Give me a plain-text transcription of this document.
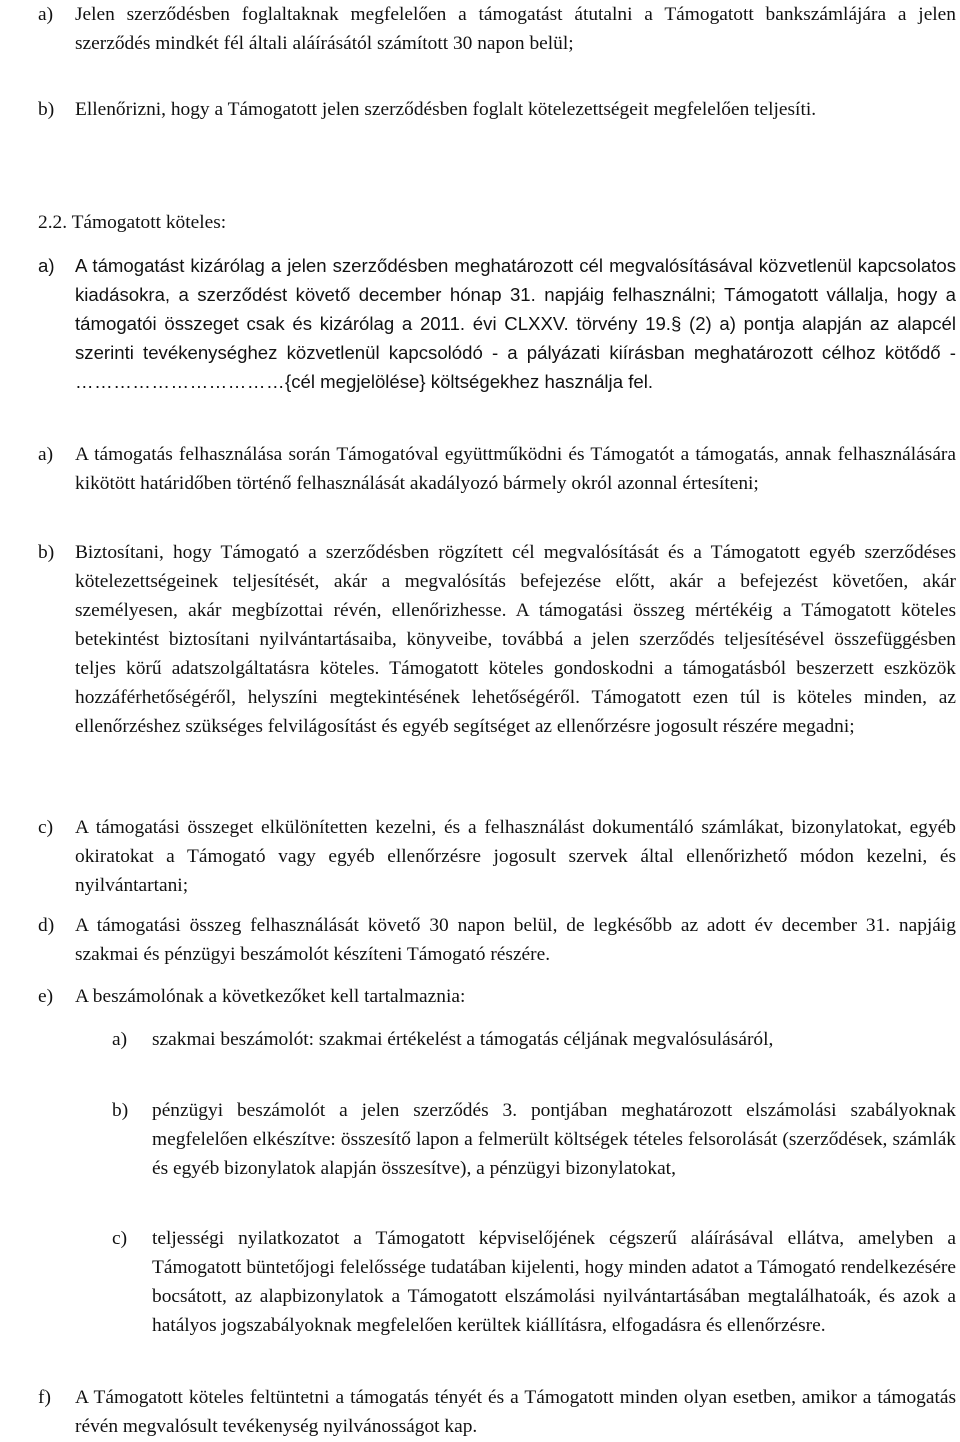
a) Jelen szerződésben foglaltaknak megfelelően a támogatást átutalni a Támogatott bankszámlájára a jelen szerződés mindkét fél általi aláírásától számított 30 napon belül;
b) Ellenőrizni, hogy a Támogatott jelen szerződésben foglalt kötelezettségeit megfelelően teljesíti.
2.2. Támogatott köteles:
a) A támogatást kizárólag a jelen szerződésben meghatározott cél megvalósításával közvetlenül kapcsolatos kiadásokra, a szerződést követő december hónap 31. napjáig felhasználni; Támogatott vállalja, hogy a támogatói összeget csak és kizárólag a 2011. évi CLXXV. törvény 19.§ (2) a) pontja alapján az alapcél szerinti tevékenységhez közvetlenül kapcsolódó - a pályázati kiírásban meghatározott célhoz kötődő - ……………………………{cél megjelölése} költségekhez használja fel.
a) A támogatás felhasználása során Támogatóval együttműködni és Támogatót a támogatás, annak felhasználására kikötött határidőben történő felhasználását akadályozó bármely okról azonnal értesíteni;
b) Biztosítani, hogy Támogató a szerződésben rögzített cél megvalósítását és a Támogatott egyéb szerződéses kötelezettségeinek teljesítését, akár a megvalósítás befejezése előtt, akár a befejezést követően, akár személyesen, akár megbízottai révén, ellenőrizhesse. A támogatási összeg mértékéig a Támogatott köteles betekintést biztosítani nyilvántartásaiba, könyveibe, továbbá a jelen szerződés teljesítésével összefüggésben teljes körű adatszolgáltatásra köteles. Támogatott köteles gondoskodni a támogatásból beszerzett eszközök hozzáférhetőségéről, helyszíni megtekintésének lehetőségéről. Támogatott ezen túl is köteles minden, az ellenőrzéshez szükséges felvilágosítást és egyéb segítséget az ellenőrzésre jogosult részére megadni;
c) A támogatási összeget elkülönítetten kezelni, és a felhasználást dokumentáló számlákat, bizonylatokat, egyéb okiratokat a Támogató vagy egyéb ellenőrzésre jogosult szervek által ellenőrizhető módon kezelni, és nyilvántartani;
d) A támogatási összeg felhasználását követő 30 napon belül, de legkésőbb az adott év december 31. napjáig szakmai és pénzügyi beszámolót készíteni Támogató részére.
e) A beszámolónak a következőket kell tartalmaznia:
a) szakmai beszámolót: szakmai értékelést a támogatás céljának megvalósulásáról,
b) pénzügyi beszámolót a jelen szerződés 3. pontjában meghatározott elszámolási szabályoknak megfelelően elkészítve: összesítő lapon a felmerült költségek tételes felsorolását (szerződések, számlák és egyéb bizonylatok alapján összesítve), a pénzügyi bizonylatokat,
c) teljességi nyilatkozatot a Támogatott képviselőjének cégszerű aláírásával ellátva, amelyben a Támogatott büntetőjogi felelőssége tudatában kijelenti, hogy minden adatot a Támogató rendelkezésére bocsátott, az alapbizonylatok a Támogatott elszámolási nyilvántartásában megtalálhatoák, és azok a hatályos jogszabályoknak megfelelően kerültek kiállításra, elfogadásra és ellenőrzésre.
f) A Támogatott köteles feltüntetni a támogatás tényét és a Támogatott minden olyan esetben, amikor a támogatás révén megvalósult tevékenység nyilvánosságot kap.
